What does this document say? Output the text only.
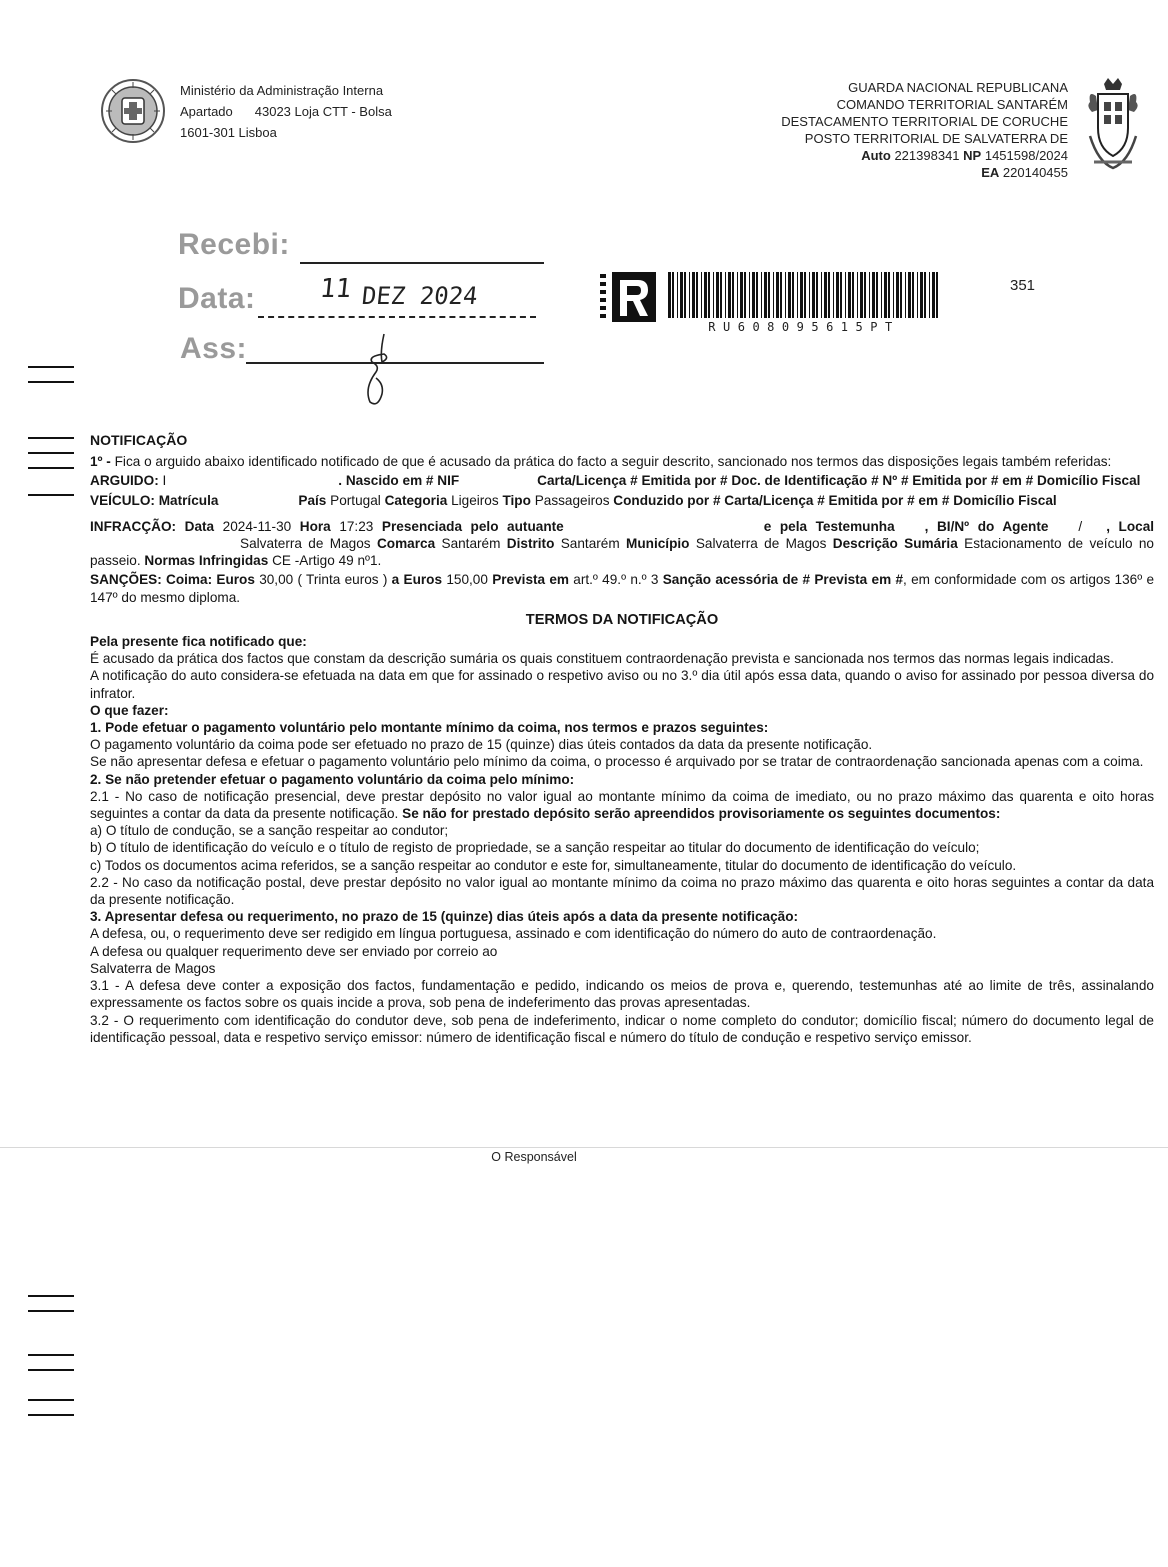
Ministério da Administração Interna
Apartado 43023 Loja CTT - Bolsa
1601-301 Lisboa
GUARDA NACIONAL REPUBLICANA
COMANDO TERRITORIAL SANTARÉM
DESTACAMENTO TERRITORIAL DE CORUCHE
POSTO TERRITORIAL DE SALVATERRA DE
Auto 221398341 NP 1451598/2024
EA 220140455
Recebi:
Data: 11 DEZ 2024
Ass:
RU608095615PT
351

NOTIFICAÇÃO

1º - Fica o arguido abaixo identificado notificado de que é acusado da prática do facto a seguir descrito, sancionado nos termos das disposições legais também referidas:

ARGUIDO: I	. Nascido em # NIF	Carta/Licença # Emitida por # Doc. de Identificação # Nº # Emitida por # em # Domicílio Fiscal

VEÍCULO: Matrícula	País Portugal Categoria Ligeiros Tipo Passageiros Conduzido por # Carta/Licença # Emitida por # em # Domicílio Fiscal

INFRACÇÃO: Data 2024-11-30 Hora 17:23 Presenciada pelo autuante	e pela Testemunha , BI/Nº do Agente / , LocalSalvaterra de Magos Comarca Santarém Distrito Santarém Município Salvaterra de Magos Descrição Sumária Estacionamento de veículo no passeio. Normas Infringidas CE -Artigo 49 nº1.

SANÇÕES: Coima: Euros 30,00 ( Trinta euros ) a Euros 150,00 Prevista em art.º 49.º n.º 3 Sanção acessória de # Prevista em #, em conformidade com os artigos 136º e 147º do mesmo diploma.

TERMOS DA NOTIFICAÇÃO

Pela presente fica notificado que:

É acusado da prática dos factos que constam da descrição sumária os quais constituem contraordenação prevista e sancionada nos termos das normas legais indicadas.

A notificação do auto considera-se efetuada na data em que for assinado o respetivo aviso ou no 3.º dia útil após essa data, quando o aviso for assinado por pessoa diversa do infrator.

O que fazer:

1. Pode efetuar o pagamento voluntário pelo montante mínimo da coima, nos termos e prazos seguintes:

O pagamento voluntário da coima pode ser efetuado no prazo de 15 (quinze) dias úteis contados da data da presente notificação.

Se não apresentar defesa e efetuar o pagamento voluntário pelo mínimo da coima, o processo é arquivado por se tratar de contraordenação sancionada apenas com a coima.

2. Se não pretender efetuar o pagamento voluntário da coima pelo mínimo:

2.1 - No caso de notificação presencial, deve prestar depósito no valor igual ao montante mínimo da coima de imediato, ou no prazo máximo das quarenta e oito horas seguintes a contar da data da presente notificação. Se não for prestado depósito serão apreendidos provisoriamente os seguintes documentos:

a) O título de condução, se a sanção respeitar ao condutor;

b) O título de identificação do veículo e o título de registo de propriedade, se a sanção respeitar ao titular do documento de identificação do veículo;

c) Todos os documentos acima referidos, se a sanção respeitar ao condutor e este for, simultaneamente, titular do documento de identificação do veículo.

2.2 - No caso da notificação postal, deve prestar depósito no valor igual ao montante mínimo da coima no prazo máximo das quarenta e oito horas seguintes a contar da data da presente notificação.

3. Apresentar defesa ou requerimento, no prazo de 15 (quinze) dias úteis após a data da presente notificação:

A defesa, ou, o requerimento deve ser redigido em língua portuguesa, assinado e com identificação do número do auto de contraordenação.

A defesa ou qualquer requerimento deve ser enviado por correio ao

Salvaterra de Magos

3.1 - A defesa deve conter a exposição dos factos, fundamentação e pedido, indicando os meios de prova e, querendo, testemunhas até ao limite de três, assinalando expressamente os factos sobre os quais incide a prova, sob pena de indeferimento das provas apresentadas.

3.2 - O requerimento com identificação do condutor deve, sob pena de indeferimento, indicar o nome completo do condutor; domicílio fiscal; número do documento legal de identificação pessoal, data e respetivo serviço emissor: número de identificação fiscal e número do título de condução e respetivo serviço emissor.

O Responsável
